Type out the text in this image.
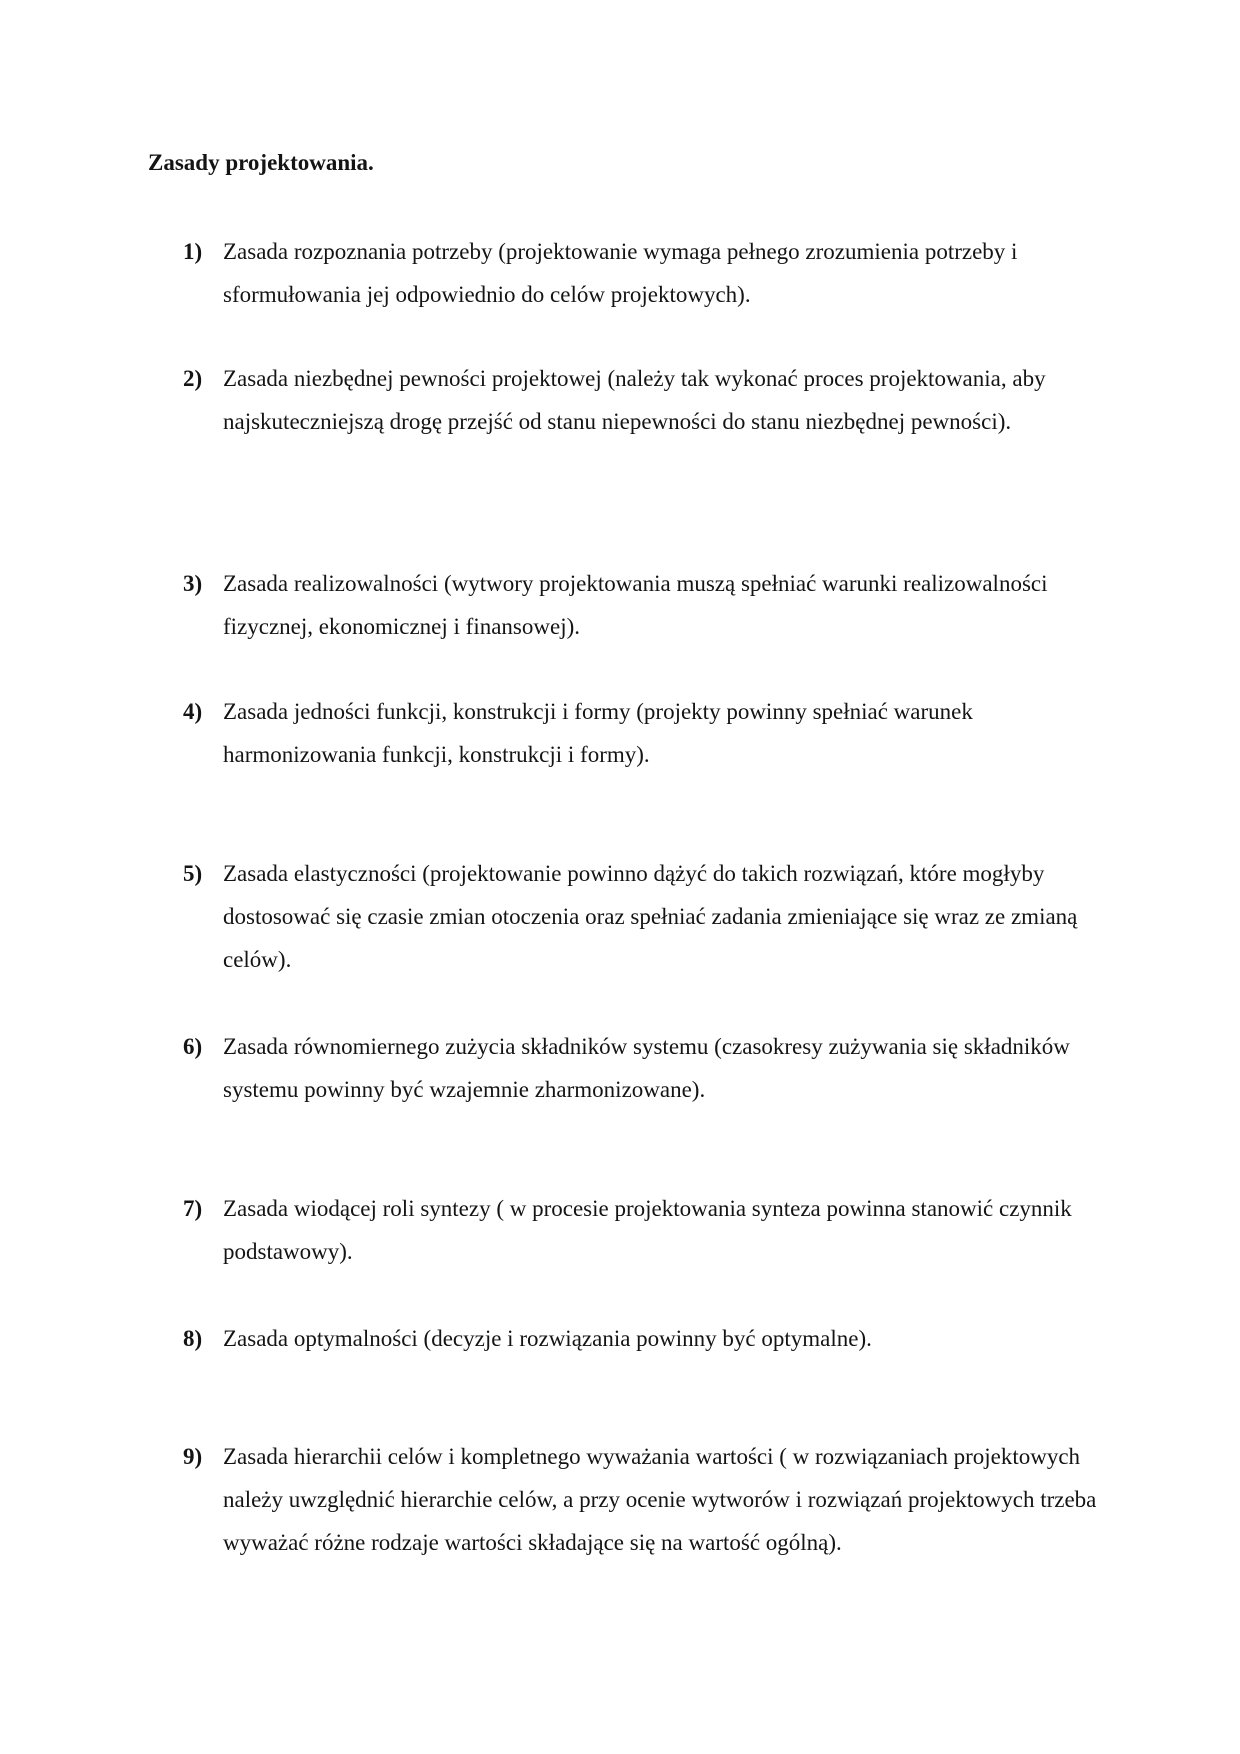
Zasady projektowania.
1) Zasada rozpoznania potrzeby (projektowanie wymaga pełnego zrozumienia potrzeby i sformułowania jej odpowiednio do celów projektowych).
2) Zasada niezbędnej pewności projektowej (należy tak wykonać proces projektowania, aby najskuteczniejszą drogę przejść od stanu niepewności do stanu niezbędnej pewności).
3) Zasada realizowalności (wytwory projektowania muszą spełniać warunki realizowalności fizycznej, ekonomicznej i finansowej).
4) Zasada jedności funkcji, konstrukcji i formy (projekty powinny spełniać warunek harmonizowania funkcji, konstrukcji i formy).
5) Zasada elastyczności (projektowanie powinno dążyć do takich rozwiązań, które mogłyby dostosować się czasie zmian otoczenia oraz spełniać zadania zmieniające się wraz ze zmianą celów).
6) Zasada równomiernego zużycia składników systemu (czasokresy zużywania się składników systemu powinny być wzajemnie zharmonizowane).
7) Zasada wiodącej roli syntezy ( w procesie projektowania synteza powinna stanowić czynnik podstawowy).
8) Zasada optymalności (decyzje i rozwiązania powinny być optymalne).
9) Zasada hierarchii celów i kompletnego wyważania wartości ( w rozwiązaniach projektowych należy uwzględnić hierarchie celów, a przy ocenie wytworów i rozwiązań projektowych trzeba wyważać różne rodzaje wartości składające się na wartość ogólną).
